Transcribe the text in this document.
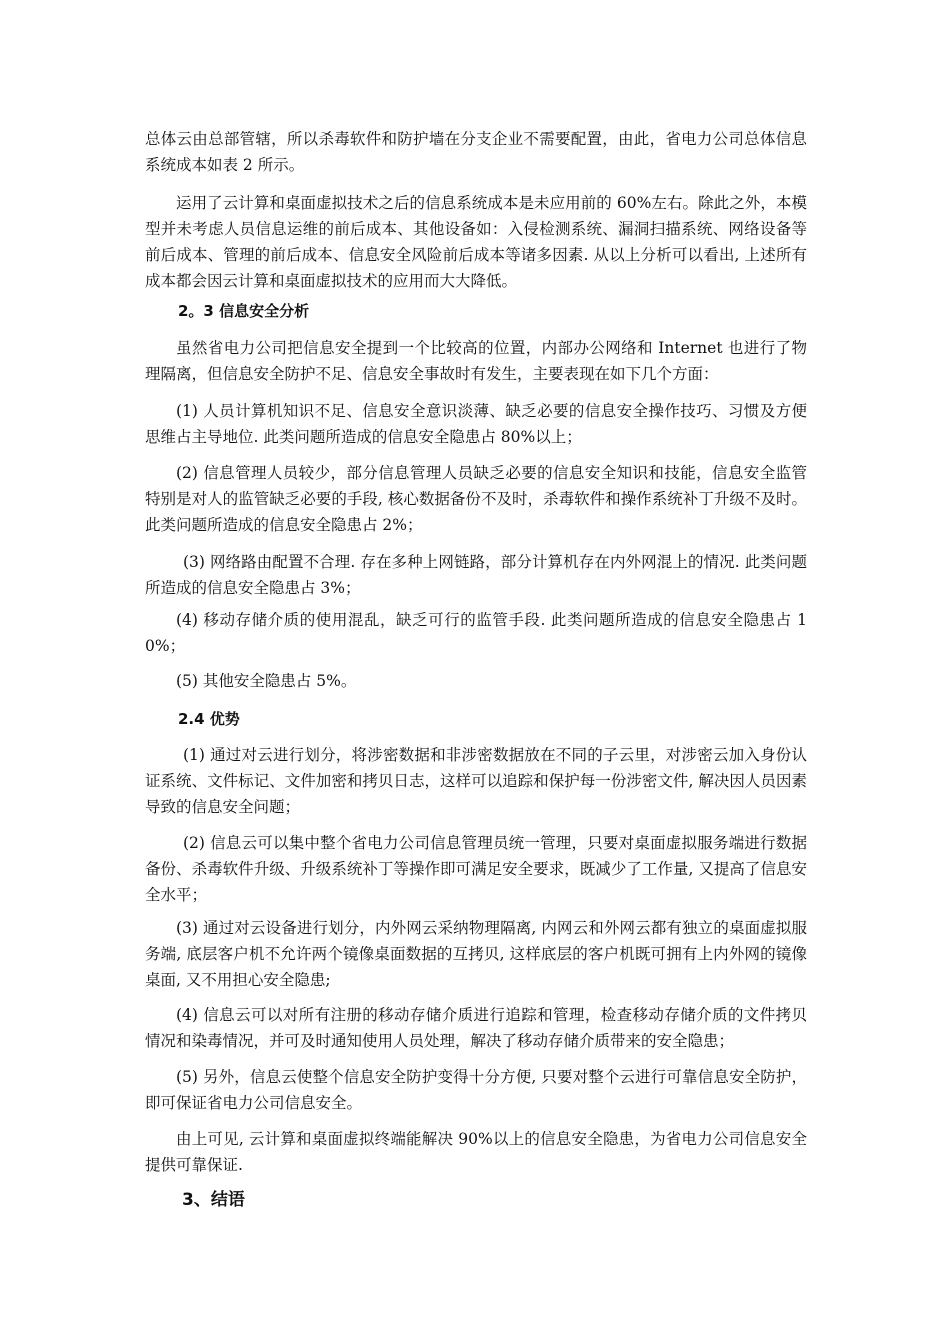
总体云由总部管辖，所以杀毒软件和防护墙在分支企业不需要配置，由此，省电力公司总体信息系统成本如表 2 所示。

运用了云计算和桌面虚拟技术之后的信息系统成本是未应用前的 60%左右。除此之外，本模型并未考虑人员信息运维的前后成本、其他设备如：入侵检测系统、漏洞扫描系统、网络设备等前后成本、管理的前后成本、信息安全风险前后成本等诸多因素. 从以上分析可以看出, 上述所有成本都会因云计算和桌面虚拟技术的应用而大大降低。

2。3 信息安全分析

虽然省电力公司把信息安全提到一个比较高的位置，内部办公网络和 Internet 也进行了物理隔离，但信息安全防护不足、信息安全事故时有发生，主要表现在如下几个方面：

(1) 人员计算机知识不足、信息安全意识淡薄、缺乏必要的信息安全操作技巧、习惯及方便思维占主导地位. 此类问题所造成的信息安全隐患占 80%以上；

(2) 信息管理人员较少，部分信息管理人员缺乏必要的信息安全知识和技能，信息安全监管特别是对人的监管缺乏必要的手段, 核心数据备份不及时，杀毒软件和操作系统补丁升级不及时。此类问题所造成的信息安全隐患占 2%；

(3) 网络路由配置不合理. 存在多种上网链路，部分计算机存在内外网混上的情况. 此类问题所造成的信息安全隐患占 3%；

(4) 移动存储介质的使用混乱，缺乏可行的监管手段. 此类问题所造成的信息安全隐患占 10%；

(5) 其他安全隐患占 5%。

2.4 优势

(1) 通过对云进行划分，将涉密数据和非涉密数据放在不同的子云里，对涉密云加入身份认证系统、文件标记、文件加密和拷贝日志，这样可以追踪和保护每一份涉密文件, 解决因人员因素导致的信息安全问题；

(2) 信息云可以集中整个省电力公司信息管理员统一管理，只要对桌面虚拟服务端进行数据备份、杀毒软件升级、升级系统补丁等操作即可满足安全要求，既减少了工作量, 又提高了信息安全水平；

(3) 通过对云设备进行划分，内外网云采纳物理隔离, 内网云和外网云都有独立的桌面虚拟服务端, 底层客户机不允许两个镜像桌面数据的互拷贝, 这样底层的客户机既可拥有上内外网的镜像桌面, 又不用担心安全隐患;

(4) 信息云可以对所有注册的移动存储介质进行追踪和管理，检查移动存储介质的文件拷贝情况和染毒情况，并可及时通知使用人员处理，解决了移动存储介质带来的安全隐患；

(5) 另外，信息云使整个信息安全防护变得十分方便, 只要对整个云进行可靠信息安全防护，即可保证省电力公司信息安全。

由上可见, 云计算和桌面虚拟终端能解决 90%以上的信息安全隐患，为省电力公司信息安全提供可靠保证.

3、结语
